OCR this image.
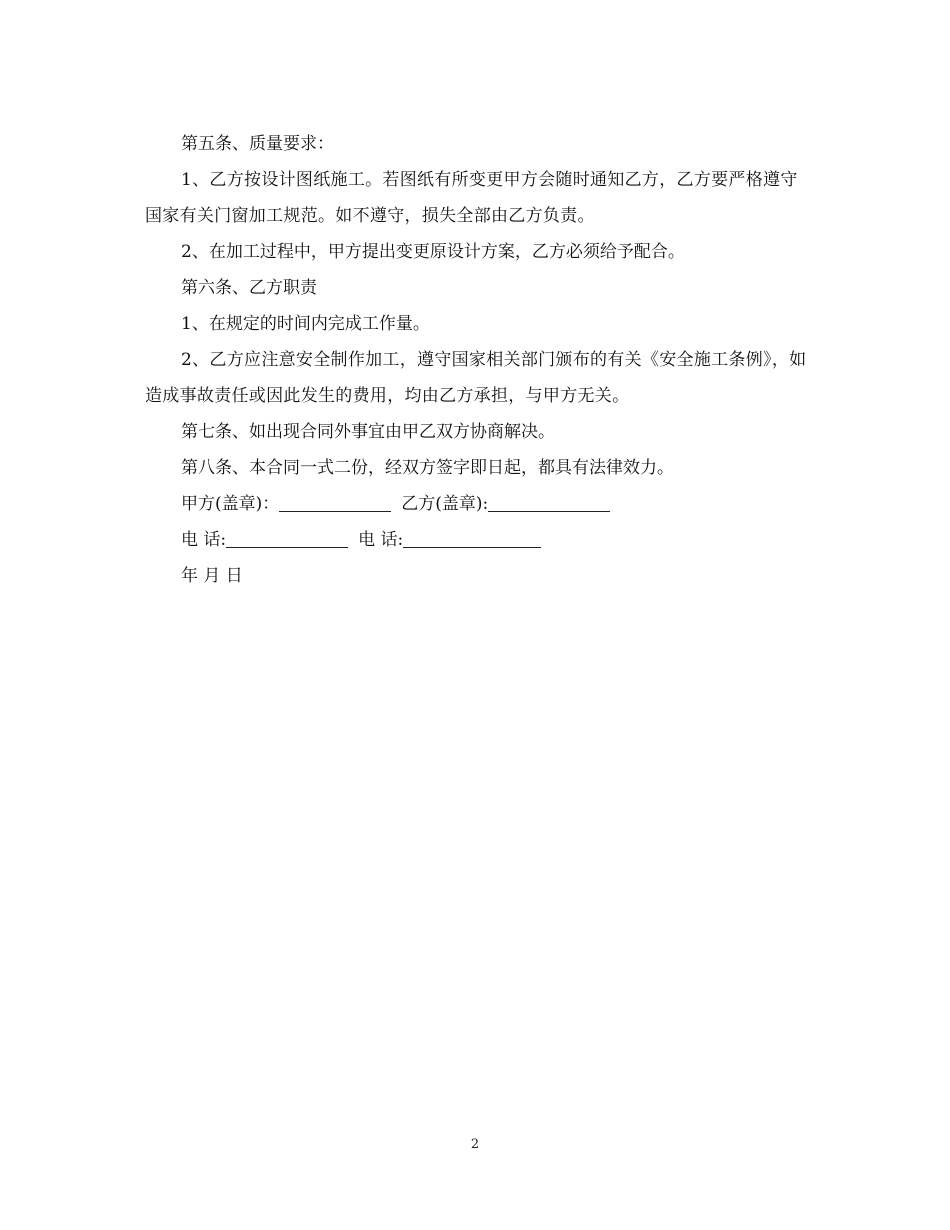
第五条、质量要求：

1、乙方按设计图纸施工。若图纸有所变更甲方会随时通知乙方，乙方要严格遵守国家有关门窗加工规范。如不遵守，损失全部由乙方负责。

2、在加工过程中，甲方提出变更原设计方案，乙方必须给予配合。

第六条、乙方职责

1、在规定的时间内完成工作量。

2、乙方应注意安全制作加工，遵守国家相关部门颁布的有关《安全施工条例》，如造成事故责任或因此发生的费用，均由乙方承担，与甲方无关。

第七条、如出现合同外事宜由甲乙双方协商解决。

第八条、本合同一式二份，经双方签字即日起，都具有法律效力。

甲方(盖章)：	乙方(盖章):

电 话:	电 话:

年 月 日

2
